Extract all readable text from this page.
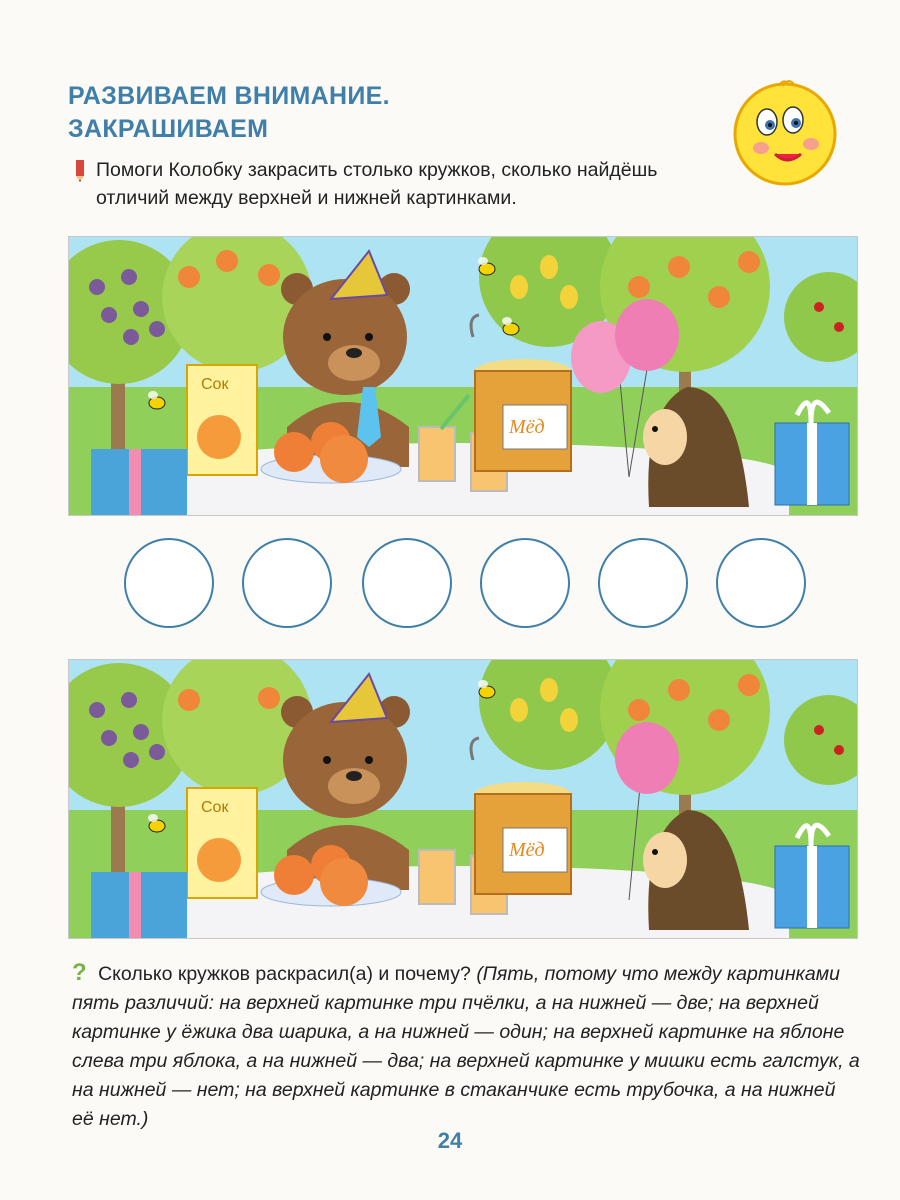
РАЗВИВАЕМ ВНИМАНИЕ.
ЗАКРАШИВАЕМ
Помоги Колобку закрасить столько кружков, сколько найдёшь отличий между верхней и нижней картинками.
Сок
Мёд
Сок
Мёд
? Сколько кружков раскрасил(а) и почему? (Пять, потому что между картинками пять различий: на верхней картинке три пчёлки, а на нижней — две; на верхней картинке у ёжика два шарика, а на нижней — один; на верхней картинке на яблоне слева три яблока, а на нижней — два; на верхней картинке у мишки есть галстук, а на нижней — нет; на верхней картинке в стаканчике есть трубочка, а на нижней её нет.)
24
